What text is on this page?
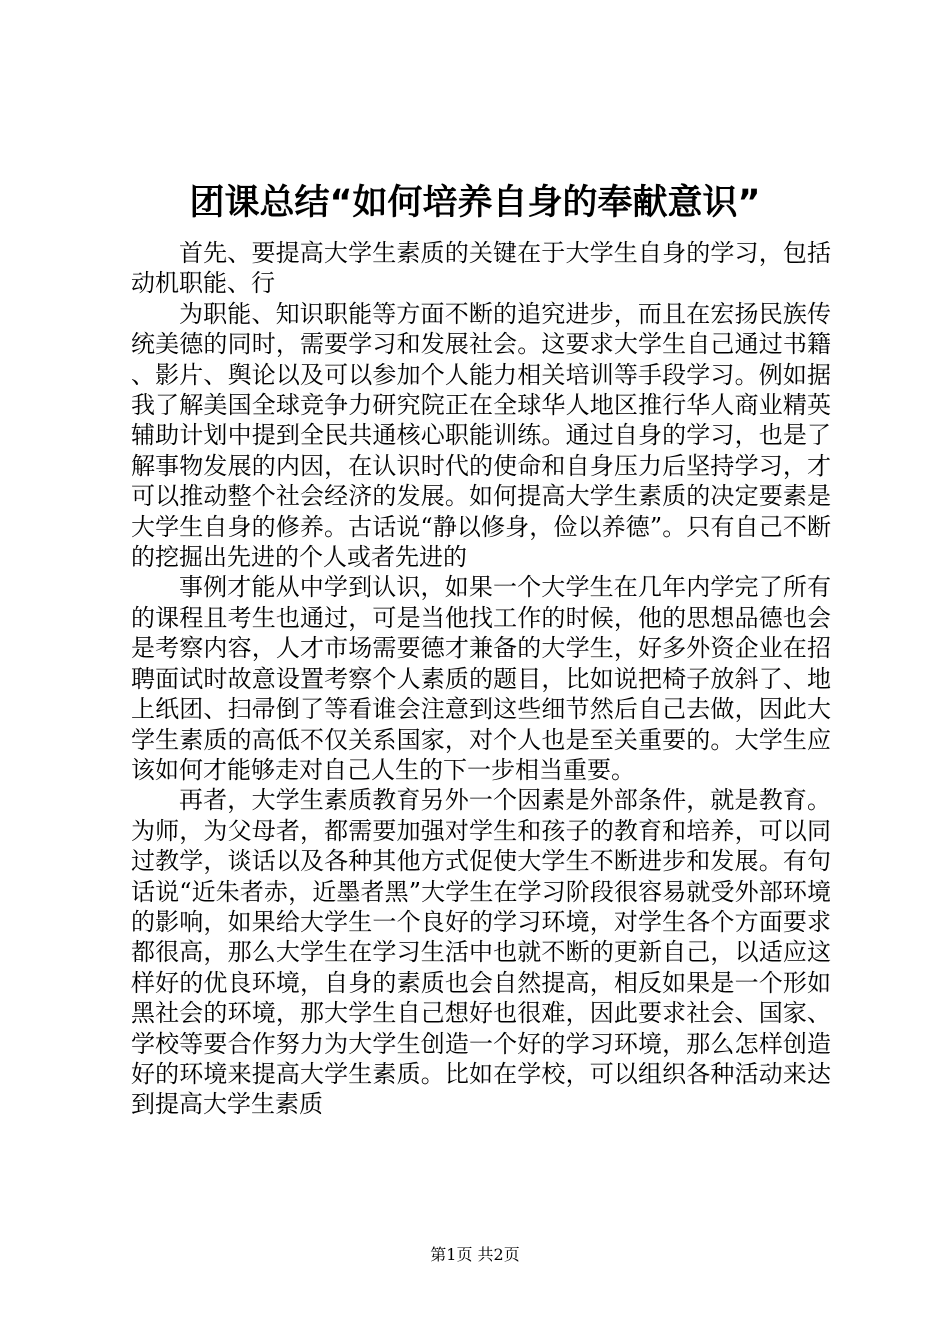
团课总结“如何培养自身的奉献意识”

首先、要提高大学生素质的关键在于大学生自身的学习，包括动机职能、行

为职能、知识职能等方面不断的追究进步，而且在宏扬民族传统美德的同时，需要学习和发展社会。这要求大学生自己通过书籍、影片、舆论以及可以参加个人能力相关培训等手段学习。例如据我了解美国全球竞争力研究院正在全球华人地区推行华人商业精英辅助计划中提到全民共通核心职能训练。通过自身的学习，也是了解事物发展的内因，在认识时代的使命和自身压力后坚持学习，才可以推动整个社会经济的发展。如何提高大学生素质的决定要素是大学生自身的修养。古话说“静以修身，俭以养德”。只有自己不断的挖掘出先进的个人或者先进的

事例才能从中学到认识，如果一个大学生在几年内学完了所有的课程且考生也通过，可是当他找工作的时候，他的思想品德也会是考察内容，人才市场需要德才兼备的大学生，好多外资企业在招聘面试时故意设置考察个人素质的题目，比如说把椅子放斜了、地上纸团、扫帚倒了等看谁会注意到这些细节然后自己去做，因此大学生素质的高低不仅关系国家，对个人也是至关重要的。大学生应该如何才能够走对自己人生的下一步相当重要。

再者，大学生素质教育另外一个因素是外部条件，就是教育。为师，为父母者，都需要加强对学生和孩子的教育和培养，可以同过教学，谈话以及各种其他方式促使大学生不断进步和发展。有句话说“近朱者赤，近墨者黑”大学生在学习阶段很容易就受外部环境的影响，如果给大学生一个良好的学习环境，对学生各个方面要求都很高，那么大学生在学习生活中也就不断的更新自己，以适应这样好的优良环境，自身的素质也会自然提高，相反如果是一个形如黑社会的环境，那大学生自己想好也很难，因此要求社会、国家、学校等要合作努力为大学生创造一个好的学习环境，那么怎样创造好的环境来提高大学生素质。比如在学校，可以组织各种活动来达到提高大学生素质

第1页 共2页
